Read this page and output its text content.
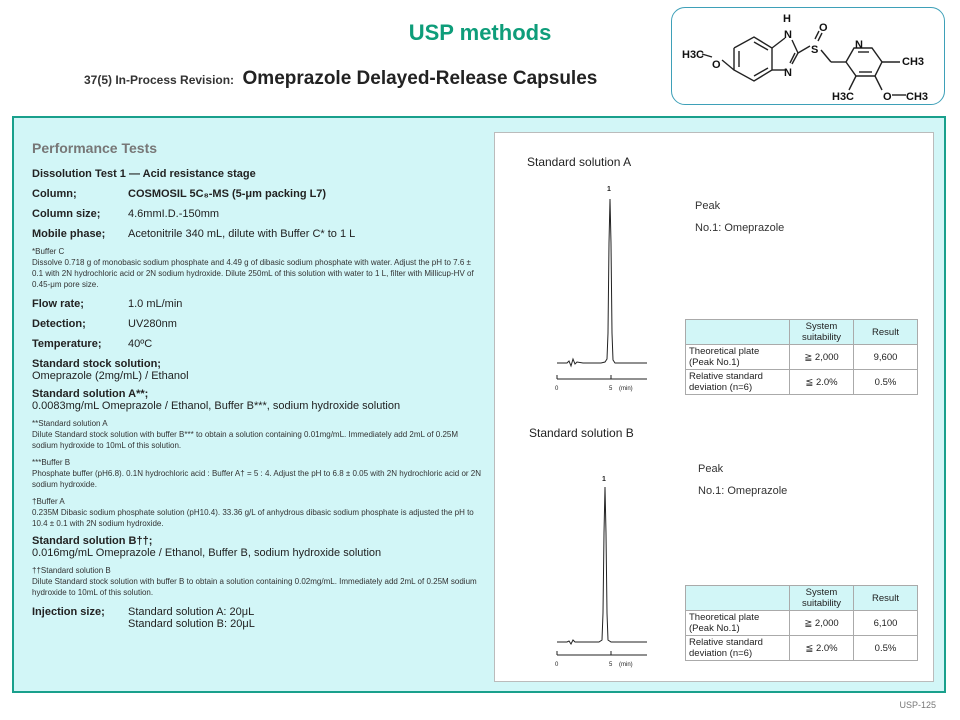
USP methods
37(5) In-Process Revision: Omeprazole Delayed-Release Capsules
H
N
N
S
O
N
O
H3C
CH3
H3C	O CH3
Performance Tests
Dissolution Test 1 — Acid resistance stage
Column;	COSMOSIL 5C₈-MS (5-μm packing L7)
Column size;	4.6mmI.D.-150mm
Mobile phase;	Acetonitrile 340 mL, dilute with Buffer C* to 1 L
*Buffer C
Dissolve 0.718 g of monobasic sodium phosphate and 4.49 g of dibasic sodium phosphate with water. Adjust the pH to 7.6 ± 0.1 with 2N hydrochloric acid or 2N sodium hydroxide. Dilute 250mL of this solution with water to 1 L, filter with Millicup-HV of 0.45-μm pore size.
Flow rate;	1.0 mL/min
Detection;	UV280nm
Temperature;	40ºC
Standard stock solution;
Omeprazole (2mg/mL) / Ethanol
Standard solution A**;
0.0083mg/mL Omeprazole / Ethanol, Buffer B***, sodium hydroxide solution
**Standard solution A
Dilute Standard stock solution with buffer B*** to obtain a solution containing 0.01mg/mL. Immediately add 2mL of 0.25M sodium hydroxide to 10mL of this solution.
***Buffer B
Phosphate buffer (pH6.8). 0.1N hydrochloric acid : Buffer A† = 5 : 4. Adjust the pH to 6.8 ± 0.05 with 2N hydrochloric acid or 2N sodium hydroxide.
†Buffer A
0.235M Dibasic sodium phosphate solution (pH10.4). 33.36 g/L of anhydrous dibasic sodium phosphate is adjusted the pH to 10.4 ± 0.1 with 2N sodium hydroxide.
Standard solution B††;
0.016mg/mL Omeprazole / Ethanol, Buffer B, sodium hydroxide solution
††Standard solution B
Dilute Standard stock solution with buffer B to obtain a solution containing 0.02mg/mL. Immediately add 2mL of 0.25M sodium hydroxide to 10mL of this solution.
Injection size;	Standard solution A: 20μL
Standard solution B: 20μL
Standard solution A
1
0	5 (min)
Peak
No.1: Omeprazole
	System suitability	Result
Theoretical plate (Peak No.1)	≧ 2,000	9,600
Relative standard deviation (n=6)	≦ 2.0%	0.5%
Standard solution B
1
0	5 (min)
Peak
No.1: Omeprazole
	System suitability	Result
Theoretical plate (Peak No.1)	≧ 2,000	6,100
Relative standard deviation (n=6)	≦ 2.0%	0.5%
USP-125
